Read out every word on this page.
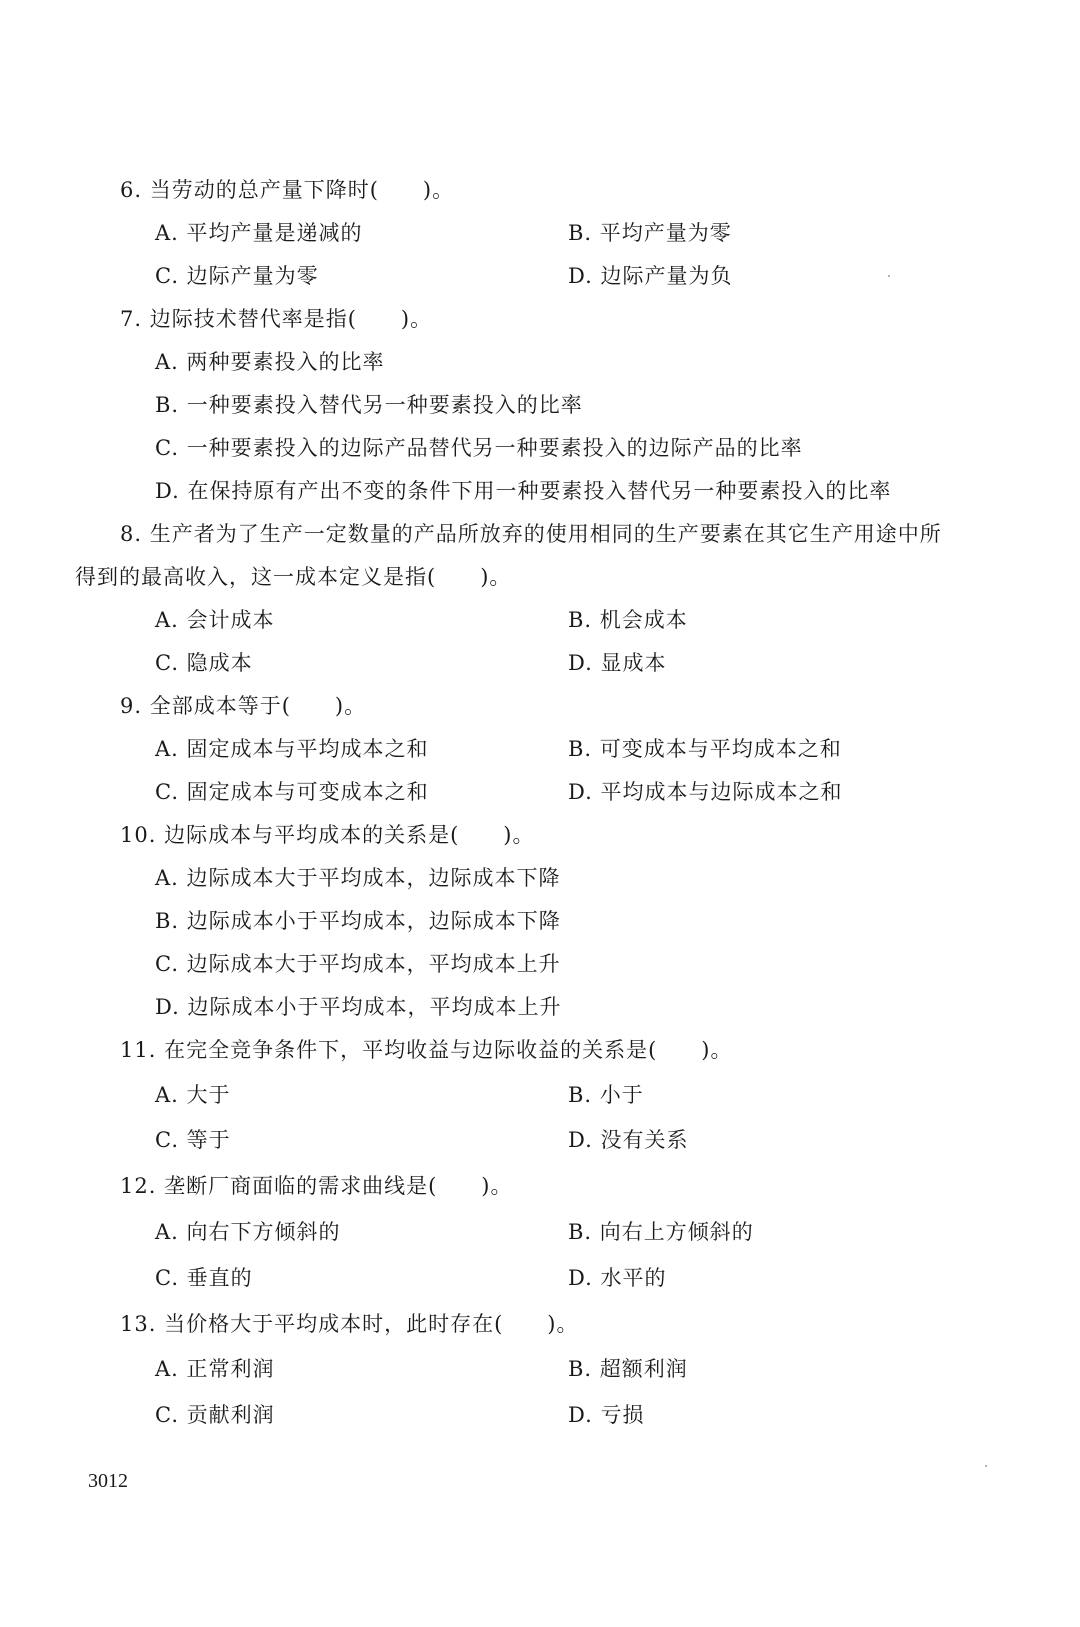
6. 当劳动的总产量下降时(　　)。
A. 平均产量是递减的	B. 平均产量为零
C. 边际产量为零	D. 边际产量为负
7. 边际技术替代率是指(　　)。
A. 两种要素投入的比率
B. 一种要素投入替代另一种要素投入的比率
C. 一种要素投入的边际产品替代另一种要素投入的边际产品的比率
D. 在保持原有产出不变的条件下用一种要素投入替代另一种要素投入的比率
8. 生产者为了生产一定数量的产品所放弃的使用相同的生产要素在其它生产用途中所
得到的最高收入，这一成本定义是指(　　)。
A. 会计成本	B. 机会成本
C. 隐成本	D. 显成本
9. 全部成本等于(　　)。
A. 固定成本与平均成本之和	B. 可变成本与平均成本之和
C. 固定成本与可变成本之和	D. 平均成本与边际成本之和
10. 边际成本与平均成本的关系是(　　)。
A. 边际成本大于平均成本，边际成本下降
B. 边际成本小于平均成本，边际成本下降
C. 边际成本大于平均成本，平均成本上升
D. 边际成本小于平均成本，平均成本上升
11. 在完全竞争条件下，平均收益与边际收益的关系是(　　)。
A. 大于	B. 小于
C. 等于	D. 没有关系
12. 垄断厂商面临的需求曲线是(　　)。
A. 向右下方倾斜的	B. 向右上方倾斜的
C. 垂直的	D. 水平的
13. 当价格大于平均成本时，此时存在(　　)。
A. 正常利润	B. 超额利润
C. 贡献利润	D. 亏损
3012
